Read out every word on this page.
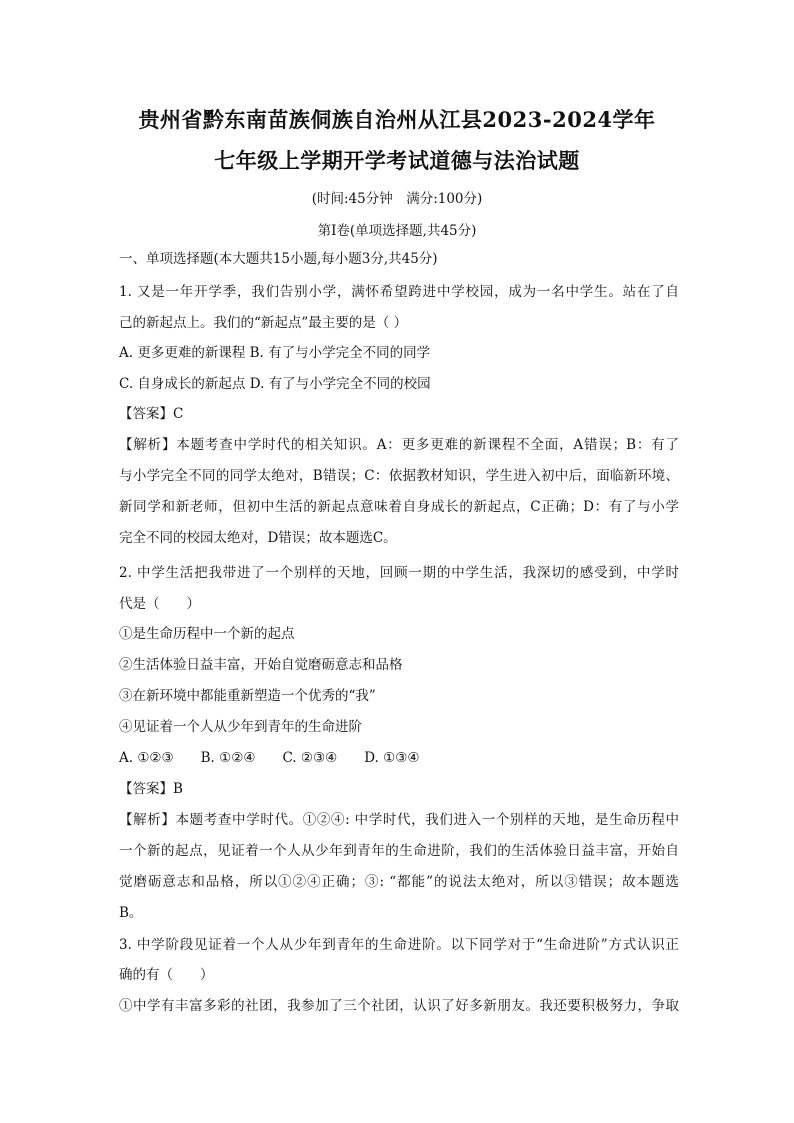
贵州省黔东南苗族侗族自治州从江县2023-2024学年
七年级上学期开学考试道德与法治试题
(时间:45分钟　满分:100分)
第Ⅰ卷(单项选择题,共45分)
一、单项选择题(本大题共15小题,每小题3分,共45分)
1. 又是一年开学季，我们告别小学，满怀希望跨进中学校园，成为一名中学生。站在了自
己的新起点上。我们的“新起点”最主要的是（ ）
A. 更多更难的新课程 B. 有了与小学完全不同的同学
C. 自身成长的新起点 D. 有了与小学完全不同的校园
【答案】C
【解析】本题考查中学时代的相关知识。A：更多更难的新课程不全面，A错误；B：有了
与小学完全不同的同学太绝对，B错误；C：依据教材知识，学生进入初中后，面临新环境、
新同学和新老师，但初中生活的新起点意味着自身成长的新起点，C正确；D：有了与小学
完全不同的校园太绝对，D错误；故本题选C。
2. 中学生活把我带进了一个别样的天地，回顾一期的中学生活，我深切的感受到，中学时
代是（　　）
①是生命历程中一个新的起点
②生活体验日益丰富，开始自觉磨砺意志和品格
③在新环境中都能重新塑造一个优秀的“我”
④见证着一个人从少年到青年的生命进阶
A. ①②③　　B. ①②④　　C. ②③④　　D. ①③④
【答案】B
【解析】本题考查中学时代。①②④: 中学时代，我们进入一个别样的天地，是生命历程中
一个新的起点，见证着一个人从少年到青年的生命进阶，我们的生活体验日益丰富，开始自
觉磨砺意志和品格，所以①②④正确；③: “都能”的说法太绝对，所以③错误；故本题选
B。
3. 中学阶段见证着一个人从少年到青年的生命进阶。以下同学对于“生命进阶”方式认识正
确的有（　　）
①中学有丰富多彩的社团，我参加了三个社团，认识了好多新朋友。我还要积极努力，争取
